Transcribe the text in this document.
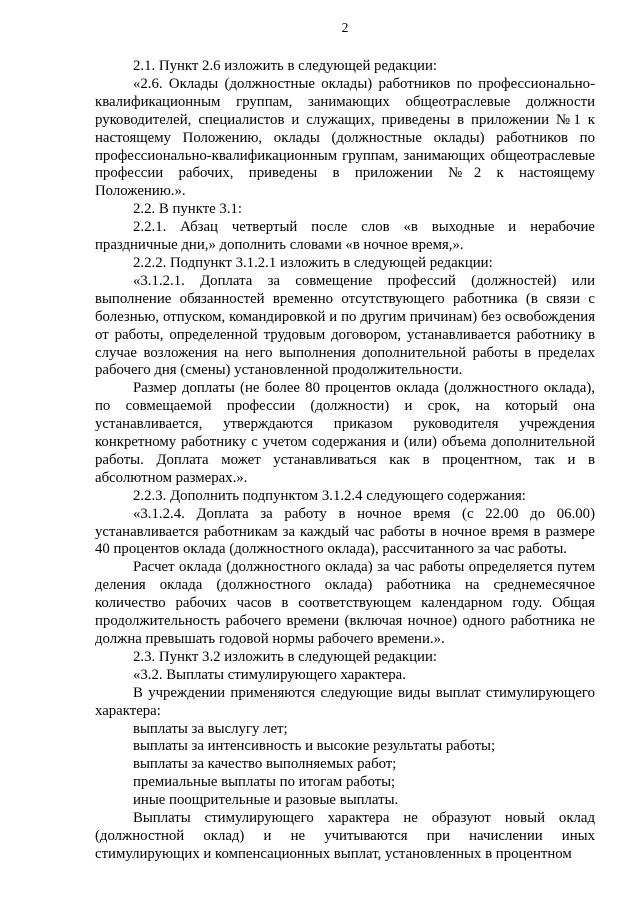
2

2.1. Пункт 2.6 изложить в следующей редакции:

«2.6. Оклады (должностные оклады) работников по профессионально-квалификационным группам, занимающих общеотраслевые должности руководителей, специалистов и служащих, приведены в приложении №1 к настоящему Положению, оклады (должностные оклады) работников по профессионально-квалификационным группам, занимающих общеотраслевые профессии рабочих, приведены в приложении №2 к настоящему Положению.».

2.2. В пункте 3.1:

2.2.1. Абзац четвертый после слов «в выходные и нерабочие праздничные дни,» дополнить словами «в ночное время,».

2.2.2. Подпункт 3.1.2.1 изложить в следующей редакции:

«3.1.2.1. Доплата за совмещение профессий (должностей) или выполнение обязанностей временно отсутствующего работника (в связи с болезнью, отпуском, командировкой и по другим причинам) без освобождения от работы, определенной трудовым договором, устанавливается работнику в случае возложения на него выполнения дополнительной работы в пределах рабочего дня (смены) установленной продолжительности.

Размер доплаты (не более 80 процентов оклада (должностного оклада), по совмещаемой профессии (должности) и срок, на который она устанавливается, утверждаются приказом руководителя учреждения конкретному работнику с учетом содержания и (или) объема дополнительной работы. Доплата может устанавливаться как в процентном, так и в абсолютном размерах.».

2.2.3. Дополнить подпунктом 3.1.2.4 следующего содержания:

«3.1.2.4. Доплата за работу в ночное время (с 22.00 до 06.00) устанавливается работникам за каждый час работы в ночное время в размере 40 процентов оклада (должностного оклада), рассчитанного за час работы.

Расчет оклада (должностного оклада) за час работы определяется путем деления оклада (должностного оклада) работника на среднемесячное количество рабочих часов в соответствующем календарном году. Общая продолжительность рабочего времени (включая ночное) одного работника не должна превышать годовой нормы рабочего времени.».

2.3. Пункт 3.2 изложить в следующей редакции:

«3.2. Выплаты стимулирующего характера.

В учреждении применяются следующие виды выплат стимулирующего характера:

выплаты за выслугу лет;

выплаты за интенсивность и высокие результаты работы;

выплаты за качество выполняемых работ;

премиальные выплаты по итогам работы;

иные поощрительные и разовые выплаты.

Выплаты стимулирующего характера не образуют новый оклад (должностной оклад) и не учитываются при начислении иных стимулирующих и компенсационных выплат, установленных в процентном
